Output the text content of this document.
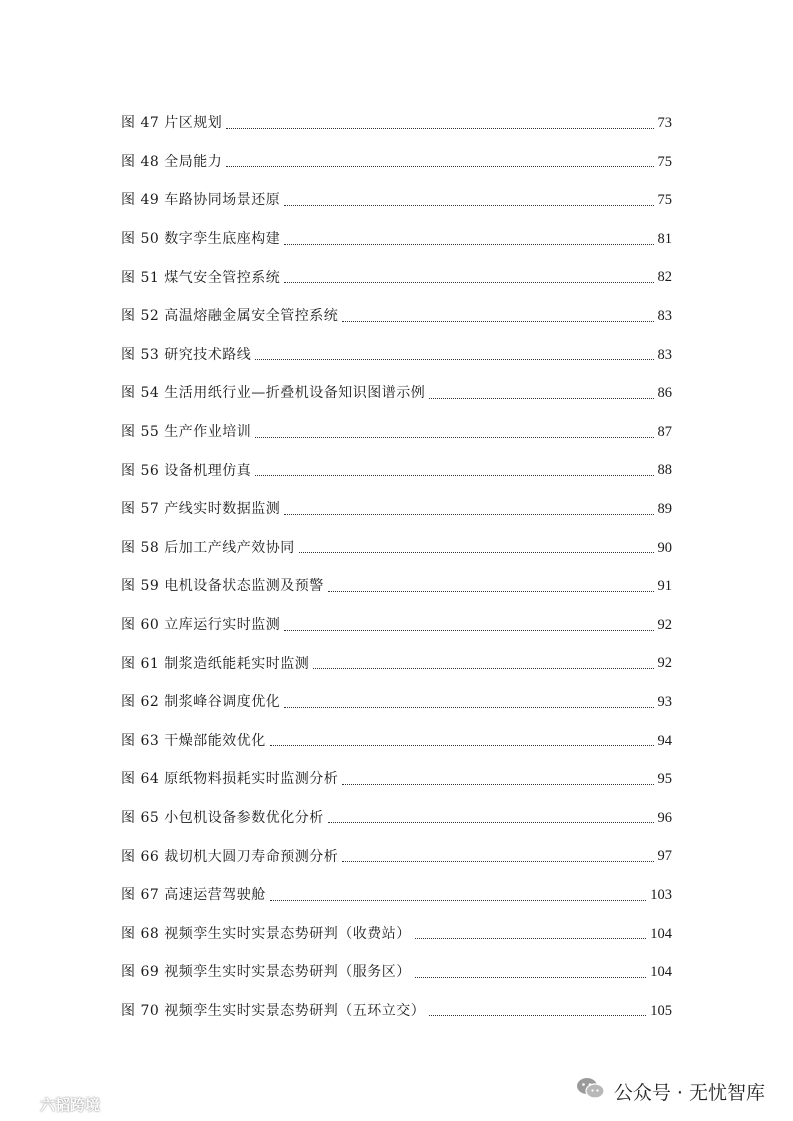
图 47 片区规划	73
图 48 全局能力	75
图 49 车路协同场景还原	75
图 50 数字孪生底座构建	81
图 51 煤气安全管控系统	82
图 52 高温熔融金属安全管控系统	83
图 53 研究技术路线	83
图 54 生活用纸行业—折叠机设备知识图谱示例	86
图 55 生产作业培训	87
图 56 设备机理仿真	88
图 57 产线实时数据监测	89
图 58 后加工产线产效协同	90
图 59 电机设备状态监测及预警	91
图 60 立库运行实时监测	92
图 61 制浆造纸能耗实时监测	92
图 62 制浆峰谷调度优化	93
图 63 干燥部能效优化	94
图 64 原纸物料损耗实时监测分析	95
图 65 小包机设备参数优化分析	96
图 66 裁切机大圆刀寿命预测分析	97
图 67 高速运营驾驶舱	103
图 68 视频孪生实时实景态势研判（收费站）	104
图 69 视频孪生实时实景态势研判（服务区）	104
图 70 视频孪生实时实景态势研判（五环立交）	105
六韬跨境
公众号 · 无忧智库
